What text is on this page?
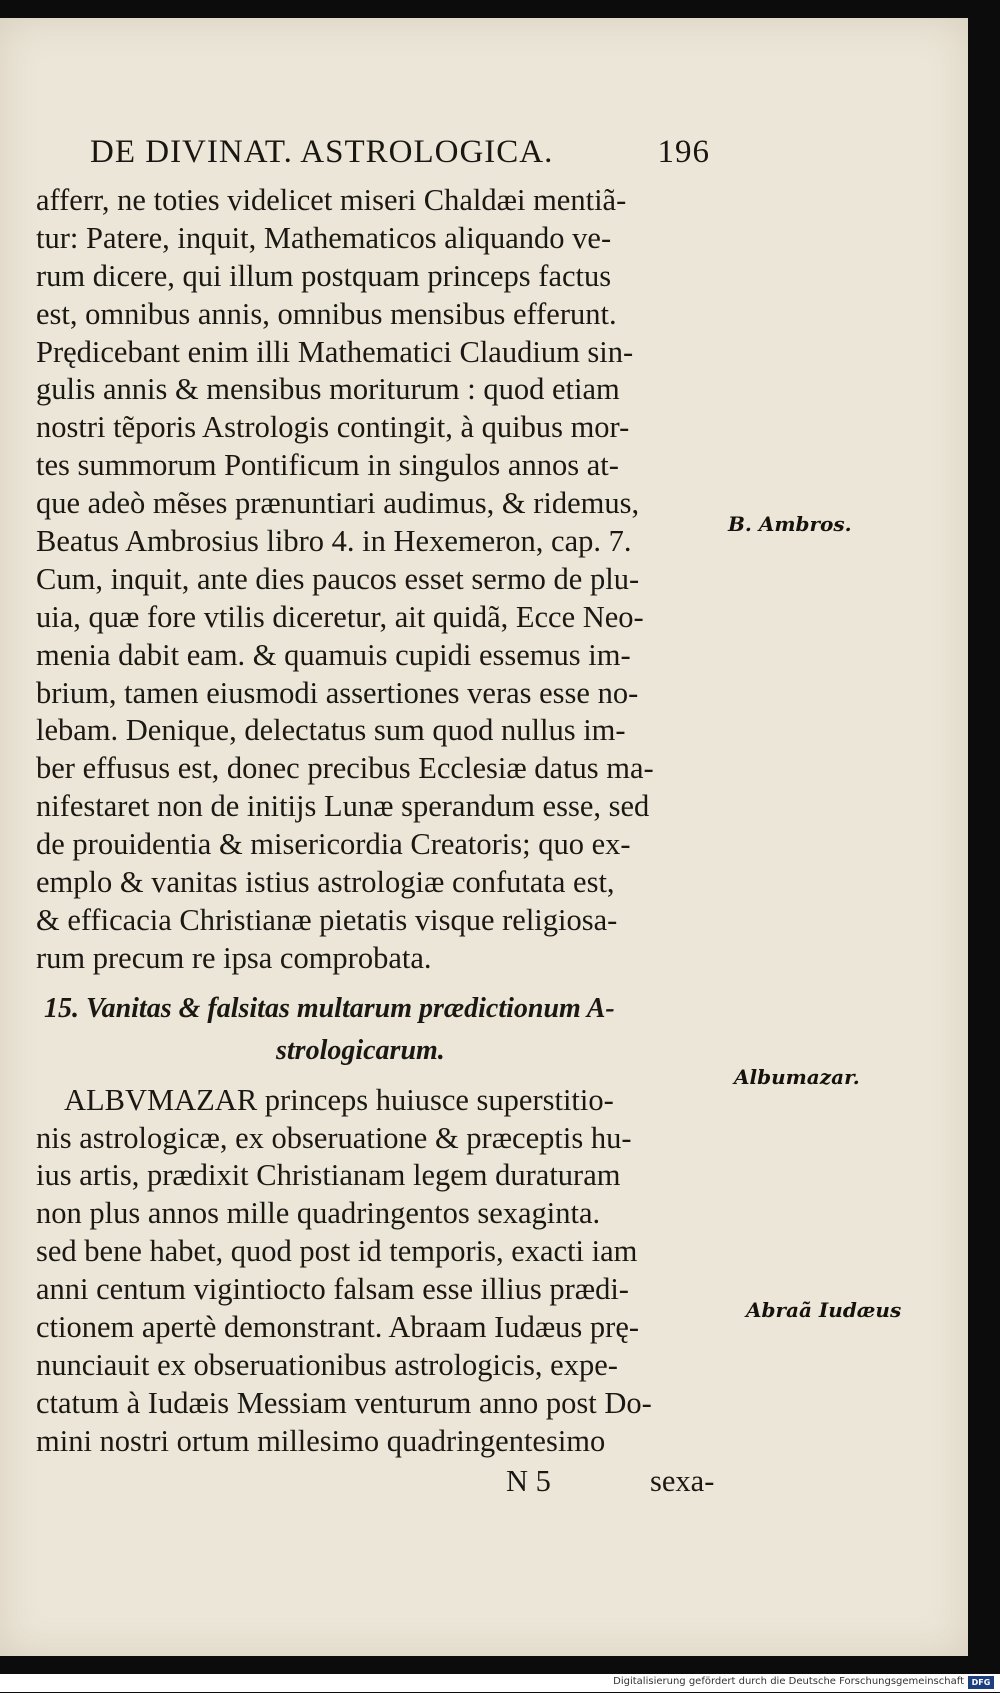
DE DIVINAT. ASTROLOGICA.	196
afferr, ne toties videlicet miseri Chaldæi mentiã-
tur: Patere, inquit, Mathematicos aliquando ve-
rum dicere, qui illum postquam princeps factus
est, omnibus annis, omnibus mensibus efferunt.
Prędicebant enim illi Mathematici Claudium sin-
gulis annis & mensibus moriturum : quod etiam
nostri tẽporis Astrologis contingit, à quibus mor-
tes summorum Pontificum in singulos annos at-
que adeò mẽses prænuntiari audimus, & ridemus,
Beatus Ambrosius libro 4. in Hexemeron, cap. 7.
Cum, inquit, ante dies paucos esset sermo de plu-
uia, quæ fore vtilis diceretur, ait quidã, Ecce Neo-
menia dabit eam. & quamuis cupidi essemus im-
brium, tamen eiusmodi assertiones veras esse no-
lebam. Denique, delectatus sum quod nullus im-
ber effusus est, donec precibus Ecclesiæ datus ma-
nifestaret non de initijs Lunæ sperandum esse, sed
de prouidentia & misericordia Creatoris; quo ex-
emplo & vanitas istius astrologiæ confutata est,
& efficacia Christianæ pietatis visque religiosa-
rum precum re ipsa comprobata.
15. Vanitas & falsitas multarum prædictionum A-
strologicarum.
ALBVMAZAR princeps huiusce superstitio-
nis astrologicæ, ex obseruatione & præceptis hu-
ius artis, prædixit Christianam legem duraturam
non plus annos mille quadringentos sexaginta.
sed bene habet, quod post id temporis, exacti iam
anni centum vigintiocto falsam esse illius prædi-
ctionem apertè demonstrant. Abraam Iudæus prę-
nunciauit ex obseruationibus astrologicis, expe-
ctatum à Iudæis Messiam venturum anno post Do-
mini nostri ortum millesimo quadringentesimo
N 5	sexa-
B. Ambros.
Albumazar.
Abraã Iudæus
Digitalisierung gefördert durch die Deutsche Forschungsgemeinschaft DFG
